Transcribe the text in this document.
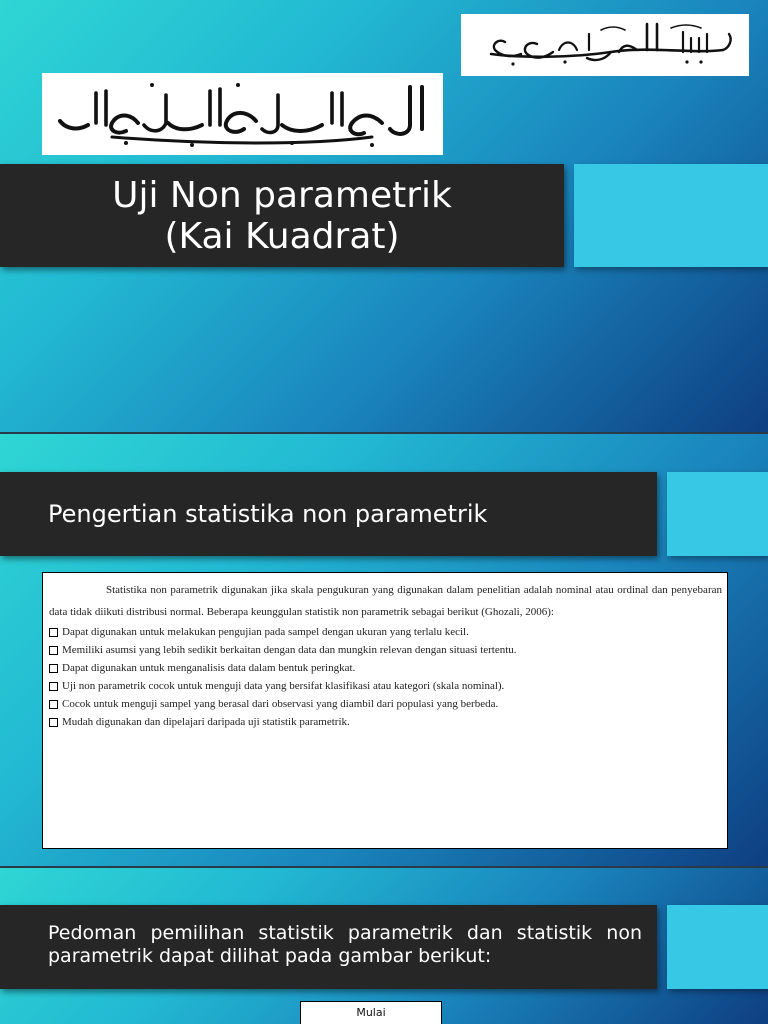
Uji Non parametrik
(Kai Kuadrat)
Pengertian statistika non parametrik

Statistika non parametrik digunakan jika skala pengukuran yang digunakan dalam penelitian adalah nominal atau ordinal dan penyebaran data tidak diikuti distribusi normal. Beberapa keunggulan statistik non parametrik sebagai berikut (Ghozali, 2006):

Dapat digunakan untuk melakukan pengujian pada sampel dengan ukuran yang terlalu kecil.

Memiliki asumsi yang lebih sedikit berkaitan dengan data dan mungkin relevan dengan situasi tertentu.

Dapat digunakan untuk menganalisis data dalam bentuk peringkat.

Uji non parametrik cocok untuk menguji data yang bersifat klasifikasi atau kategori (skala nominal).

Cocok untuk menguji sampel yang berasal dari observasi yang diambil dari populasi yang berbeda.

Mudah digunakan dan dipelajari daripada uji statistik parametrik.

Pedoman pemilihan statistik parametrik dan statistik non parametrik dapat dilihat pada gambar berikut:
Mulai
